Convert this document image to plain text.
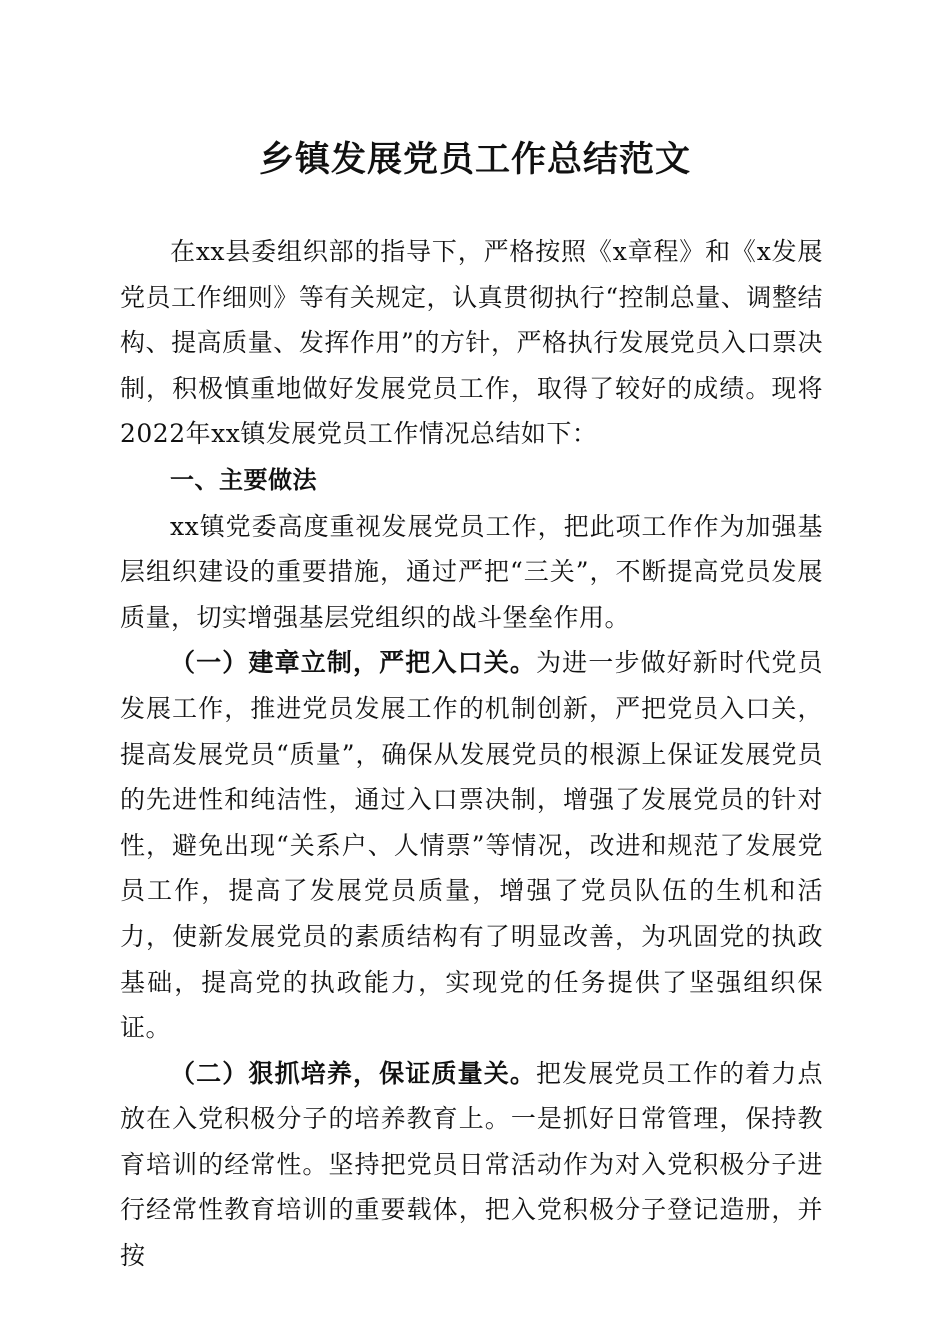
乡镇发展党员工作总结范文

在xx县委组织部的指导下，严格按照《x章程》和《x发展党员工作细则》等有关规定，认真贯彻执行“控制总量、调整结构、提高质量、发挥作用”的方针，严格执行发展党员入口票决制，积极慎重地做好发展党员工作，取得了较好的成绩。现将2022年xx镇发展党员工作情况总结如下：

一、主要做法

xx镇党委高度重视发展党员工作，把此项工作作为加强基层组织建设的重要措施，通过严把“三关”，不断提高党员发展质量，切实增强基层党组织的战斗堡垒作用。

（一）建章立制，严把入口关。为进一步做好新时代党员发展工作，推进党员发展工作的机制创新，严把党员入口关，提高发展党员“质量”，确保从发展党员的根源上保证发展党员的先进性和纯洁性，通过入口票决制，增强了发展党员的针对性，避免出现“关系户、人情票”等情况，改进和规范了发展党员工作，提高了发展党员质量，增强了党员队伍的生机和活力，使新发展党员的素质结构有了明显改善，为巩固党的执政基础，提高党的执政能力，实现党的任务提供了坚强组织保证。

（二）狠抓培养，保证质量关。把发展党员工作的着力点放在入党积极分子的培养教育上。一是抓好日常管理，保持教育培训的经常性。坚持把党员日常活动作为对入党积极分子进行经常性教育培训的重要载体，把入党积极分子登记造册，并按
